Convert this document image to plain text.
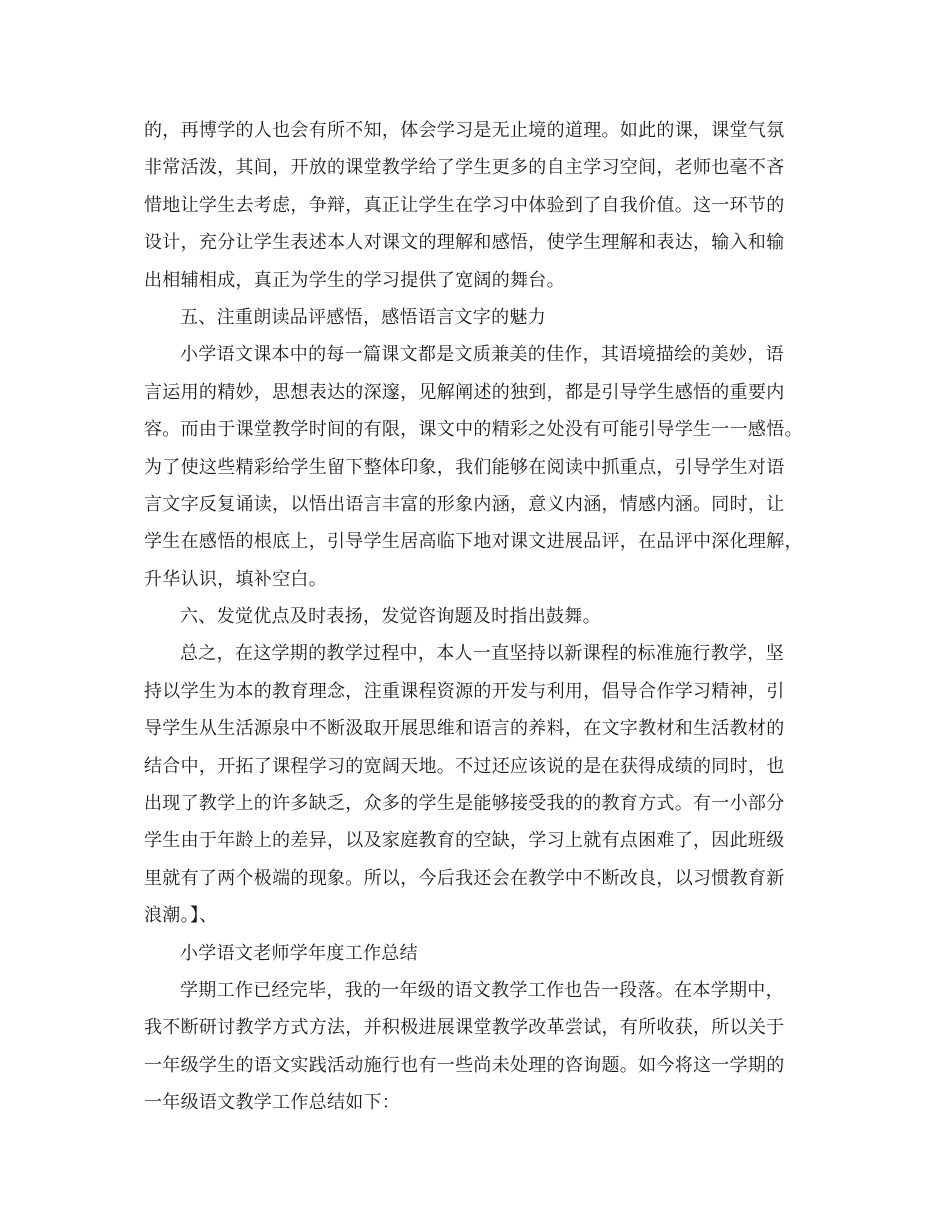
的，再博学的人也会有所不知，体会学习是无止境的道理。如此的课，课堂气氛
非常活泼，其间，开放的课堂教学给了学生更多的自主学习空间，老师也毫不吝
惜地让学生去考虑，争辩，真正让学生在学习中体验到了自我价值。这一环节的
设计，充分让学生表述本人对课文的理解和感悟，使学生理解和表达，输入和输
出相辅相成，真正为学生的学习提供了宽阔的舞台。
五、注重朗读品评感悟，感悟语言文字的魅力
小学语文课本中的每一篇课文都是文质兼美的佳作，其语境描绘的美妙，语
言运用的精妙，思想表达的深邃，见解阐述的独到，都是引导学生感悟的重要内
容。而由于课堂教学时间的有限，课文中的精彩之处没有可能引导学生一一感悟。
为了使这些精彩给学生留下整体印象，我们能够在阅读中抓重点，引导学生对语
言文字反复诵读，以悟出语言丰富的形象内涵，意义内涵，情感内涵。同时，让
学生在感悟的根底上，引导学生居高临下地对课文进展品评，在品评中深化理解，
升华认识，填补空白。
六、发觉优点及时表扬，发觉咨询题及时指出鼓舞。
总之，在这学期的教学过程中，本人一直坚持以新课程的标准施行教学，坚
持以学生为本的教育理念，注重课程资源的开发与利用，倡导合作学习精神，引
导学生从生活源泉中不断汲取开展思维和语言的养料，在文字教材和生活教材的
结合中，开拓了课程学习的宽阔天地。不过还应该说的是在获得成绩的同时，也
出现了教学上的许多缺乏，众多的学生是能够接受我的的教育方式。有一小部分
学生由于年龄上的差异，以及家庭教育的空缺，学习上就有点困难了，因此班级
里就有了两个极端的现象。所以，今后我还会在教学中不断改良，以习惯教育新
浪潮。】、
小学语文老师学年度工作总结
学期工作已经完毕，我的一年级的语文教学工作也告一段落。在本学期中，
我不断研讨教学方式方法，并积极进展课堂教学改革尝试，有所收获，所以关于
一年级学生的语文实践活动施行也有一些尚未处理的咨询题。如今将这一学期的
一年级语文教学工作总结如下：
